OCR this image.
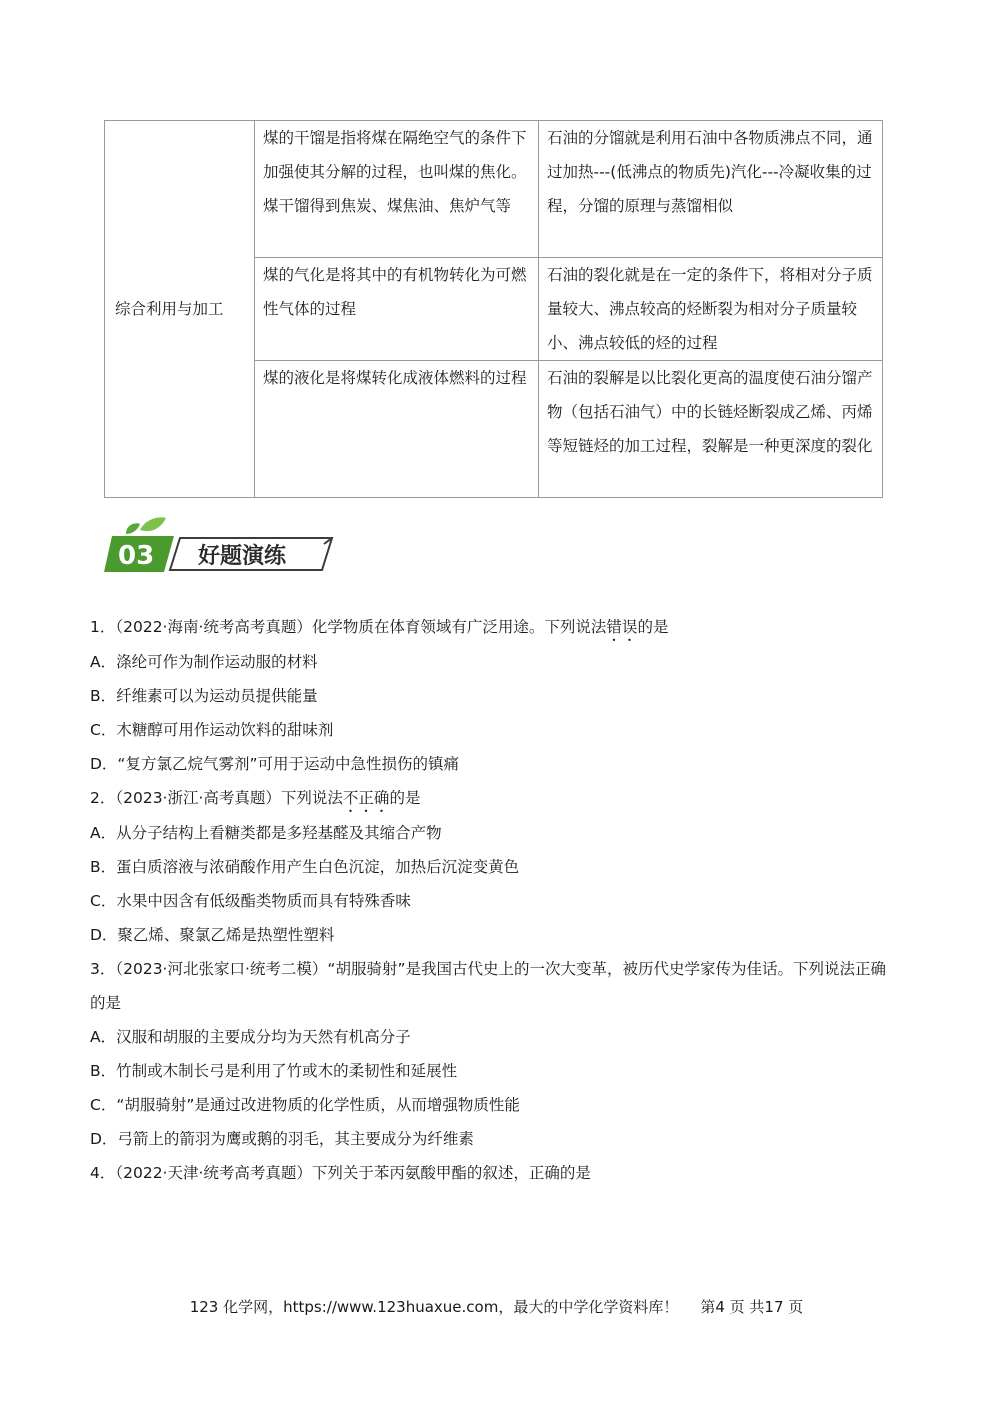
综合利用与加工	煤的干馏是指将煤在隔绝空气的条件下加强使其分解的过程，也叫煤的焦化。煤干馏得到焦炭、煤焦油、焦炉气等	石油的分馏就是利用石油中各物质沸点不同，通过加热---(低沸点的物质先)汽化---冷凝收集的过程，分馏的原理与蒸馏相似
	煤的气化是将其中的有机物转化为可燃性气体的过程	石油的裂化就是在一定的条件下，将相对分子质量较大、沸点较高的烃断裂为相对分子质量较小、沸点较低的烃的过程
	煤的液化是将煤转化成液体燃料的过程	石油的裂解是以比裂化更高的温度使石油分馏产物（包括石油气）中的长链烃断裂成乙烯、丙烯等短链烃的加工过程，裂解是一种更深度的裂化
03 好题演练
1．（2022·海南·统考高考真题）化学物质在体育领域有广泛用途。下列说法错误的是
A．涤纶可作为制作运动服的材料
B．纤维素可以为运动员提供能量
C．木糖醇可用作运动饮料的甜味剂
D．“复方氯乙烷气雾剂”可用于运动中急性损伤的镇痛
2．（2023·浙江·高考真题）下列说法不正确的是
A．从分子结构上看糖类都是多羟基醛及其缩合产物
B．蛋白质溶液与浓硝酸作用产生白色沉淀，加热后沉淀变黄色
C．水果中因含有低级酯类物质而具有特殊香味
D．聚乙烯、聚氯乙烯是热塑性塑料
3．（2023·河北张家口·统考二模）“胡服骑射”是我国古代史上的一次大变革，被历代史学家传为佳话。下列说法正确的是
A．汉服和胡服的主要成分均为天然有机高分子
B．竹制或木制长弓是利用了竹或木的柔韧性和延展性
C．“胡服骑射”是通过改进物质的化学性质，从而增强物质性能
D．弓箭上的箭羽为鹰或鹅的羽毛，其主要成分为纤维素
4．（2022·天津·统考高考真题）下列关于苯丙氨酸甲酯的叙述，正确的是
123 化学网，https://www.123huaxue.com，最大的中学化学资料库！ 第4 页 共17 页
